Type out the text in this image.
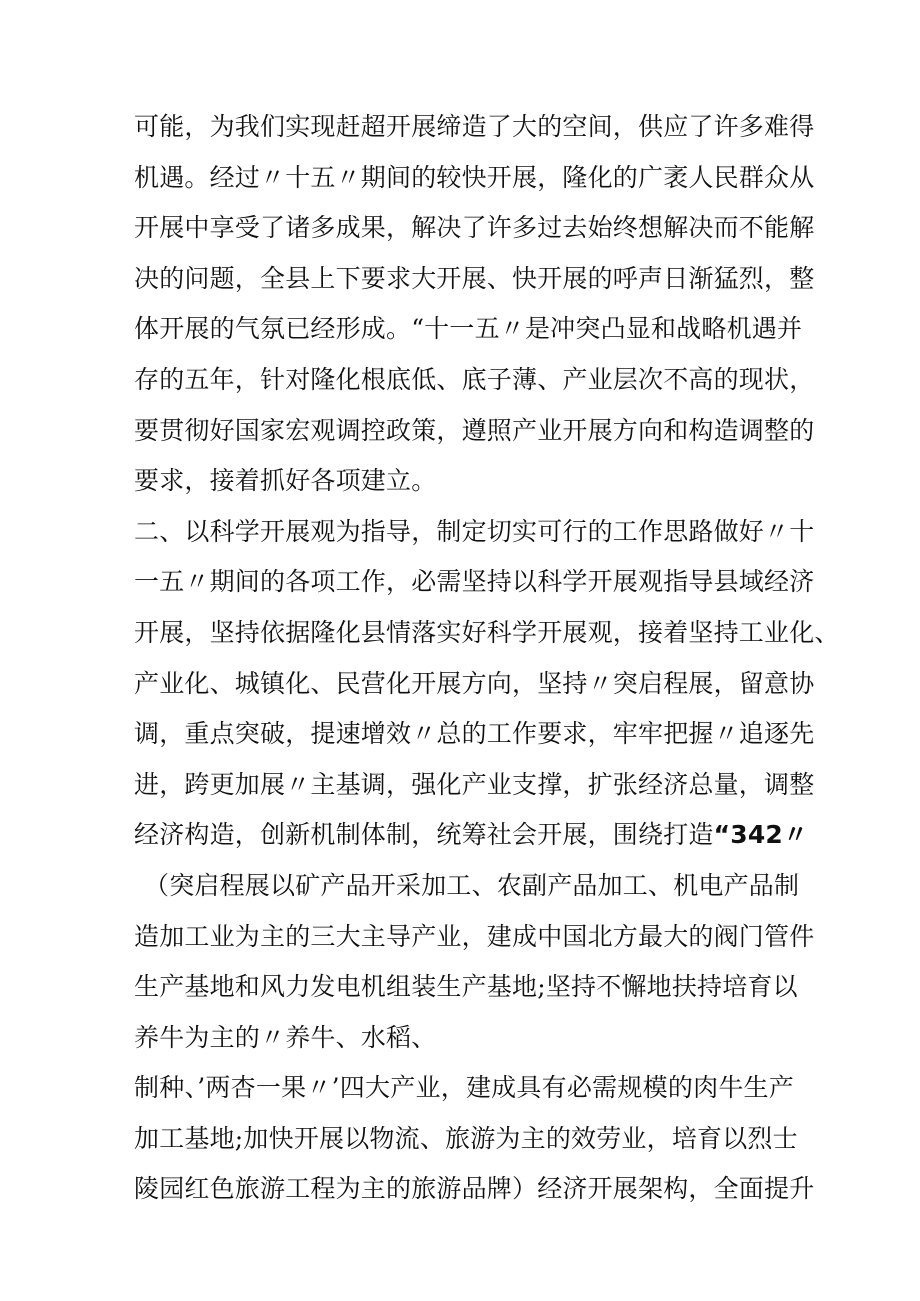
可能，为我们实现赶超开展缔造了大的空间，供应了许多难得
机遇。经过〃十五〃期间的较快开展，隆化的广袤人民群众从
开展中享受了诸多成果，解决了许多过去始终想解决而不能解
决的问题，全县上下要求大开展、快开展的呼声日渐猛烈，整
体开展的气氛已经形成。“十一五〃是冲突凸显和战略机遇并
存的五年，针对隆化根底低、底子薄、产业层次不高的现状，
要贯彻好国家宏观调控政策，遵照产业开展方向和构造调整的
要求，接着抓好各项建立。
二、以科学开展观为指导，制定切实可行的工作思路做好〃十
一五〃期间的各项工作，必需坚持以科学开展观指导县域经济
开展，坚持依据隆化县情落实好科学开展观，接着坚持工业化、
产业化、城镇化、民营化开展方向，坚持〃突启程展，留意协
调，重点突破，提速增效〃总的工作要求，牢牢把握〃追逐先
进，跨更加展〃主基调，强化产业支撑，扩张经济总量，调整
经济构造，创新机制体制，统筹社会开展，围绕打造“342〃
（突启程展以矿产品开采加工、农副产品加工、机电产品制
造加工业为主的三大主导产业，建成中国北方最大的阀门管件
生产基地和风力发电机组装生产基地;坚持不懈地扶持培育以
养牛为主的〃养牛、水稻、
制种、’两杏一果〃’四大产业，建成具有必需规模的肉牛生产
加工基地;加快开展以物流、旅游为主的效劳业，培育以烈士
陵园红色旅游工程为主的旅游品牌）经济开展架构，全面提升
